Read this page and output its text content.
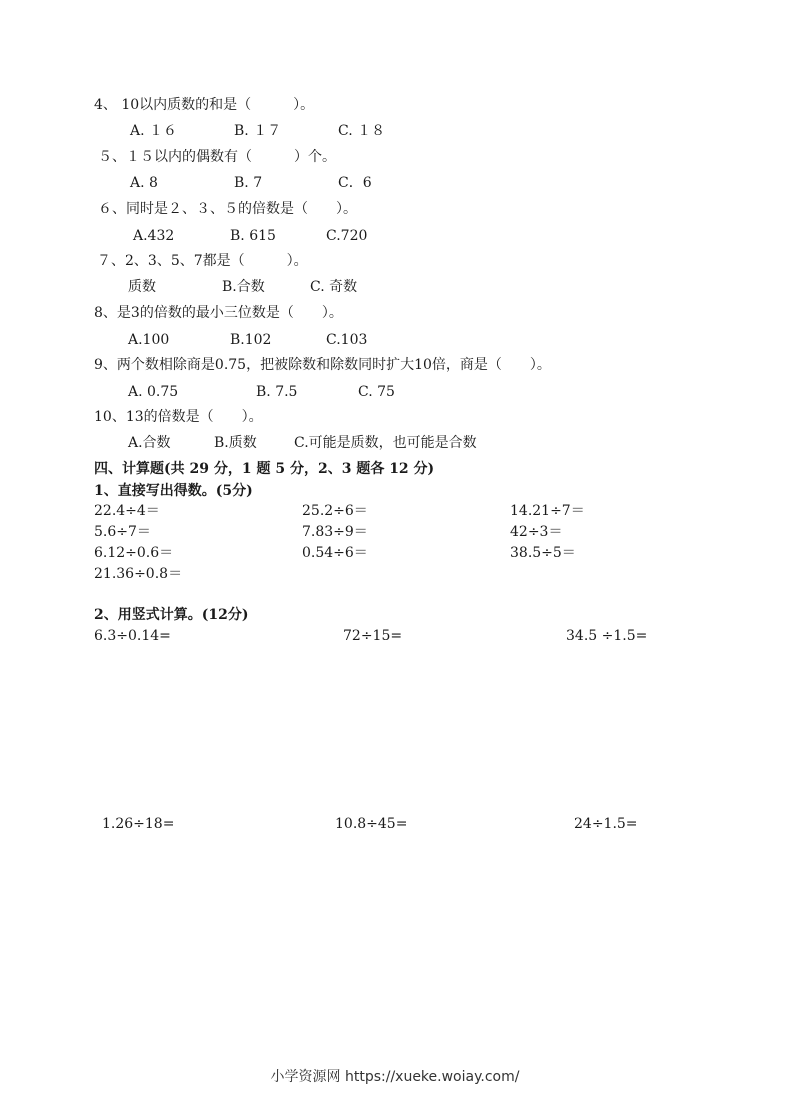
4、 10以内质数的和是（　　　）。
A. １６	B. １７	C. １８
５、１５以内的偶数有（　　　）个。
A. 8	B. 7	C．6
６、同时是２、３、５的倍数是（　　）。
A.432	B. 615	C.720
７、2、3、5、7都是（　　　）。
质数	B.合数	C. 奇数
8、是3的倍数的最小三位数是（　　）。
A.100	B.102	C.103
9、两个数相除商是0.75，把被除数和除数同时扩大10倍，商是（　　）。
A. 0.75	B. 7.5	C. 75
10、13的倍数是（　　）。
A.合数	B.质数	C.可能是质数，也可能是合数
四、计算题(共 29 分，1 题 5 分，2、3 题各 12 分)
1、直接写出得数。(5分)
22.4÷4＝	25.2÷6＝	14.21÷7＝
5.6÷7＝	7.83÷9＝	42÷3＝
6.12÷0.6＝	0.54÷6＝	38.5÷5＝
21.36÷0.8＝
2、用竖式计算。(12分)
6.3÷0.14=	72÷15=	34.5 ÷1.5=
1.26÷18=	10.8÷45=	24÷1.5=
小学资源网 https://xueke.woiay.com/
